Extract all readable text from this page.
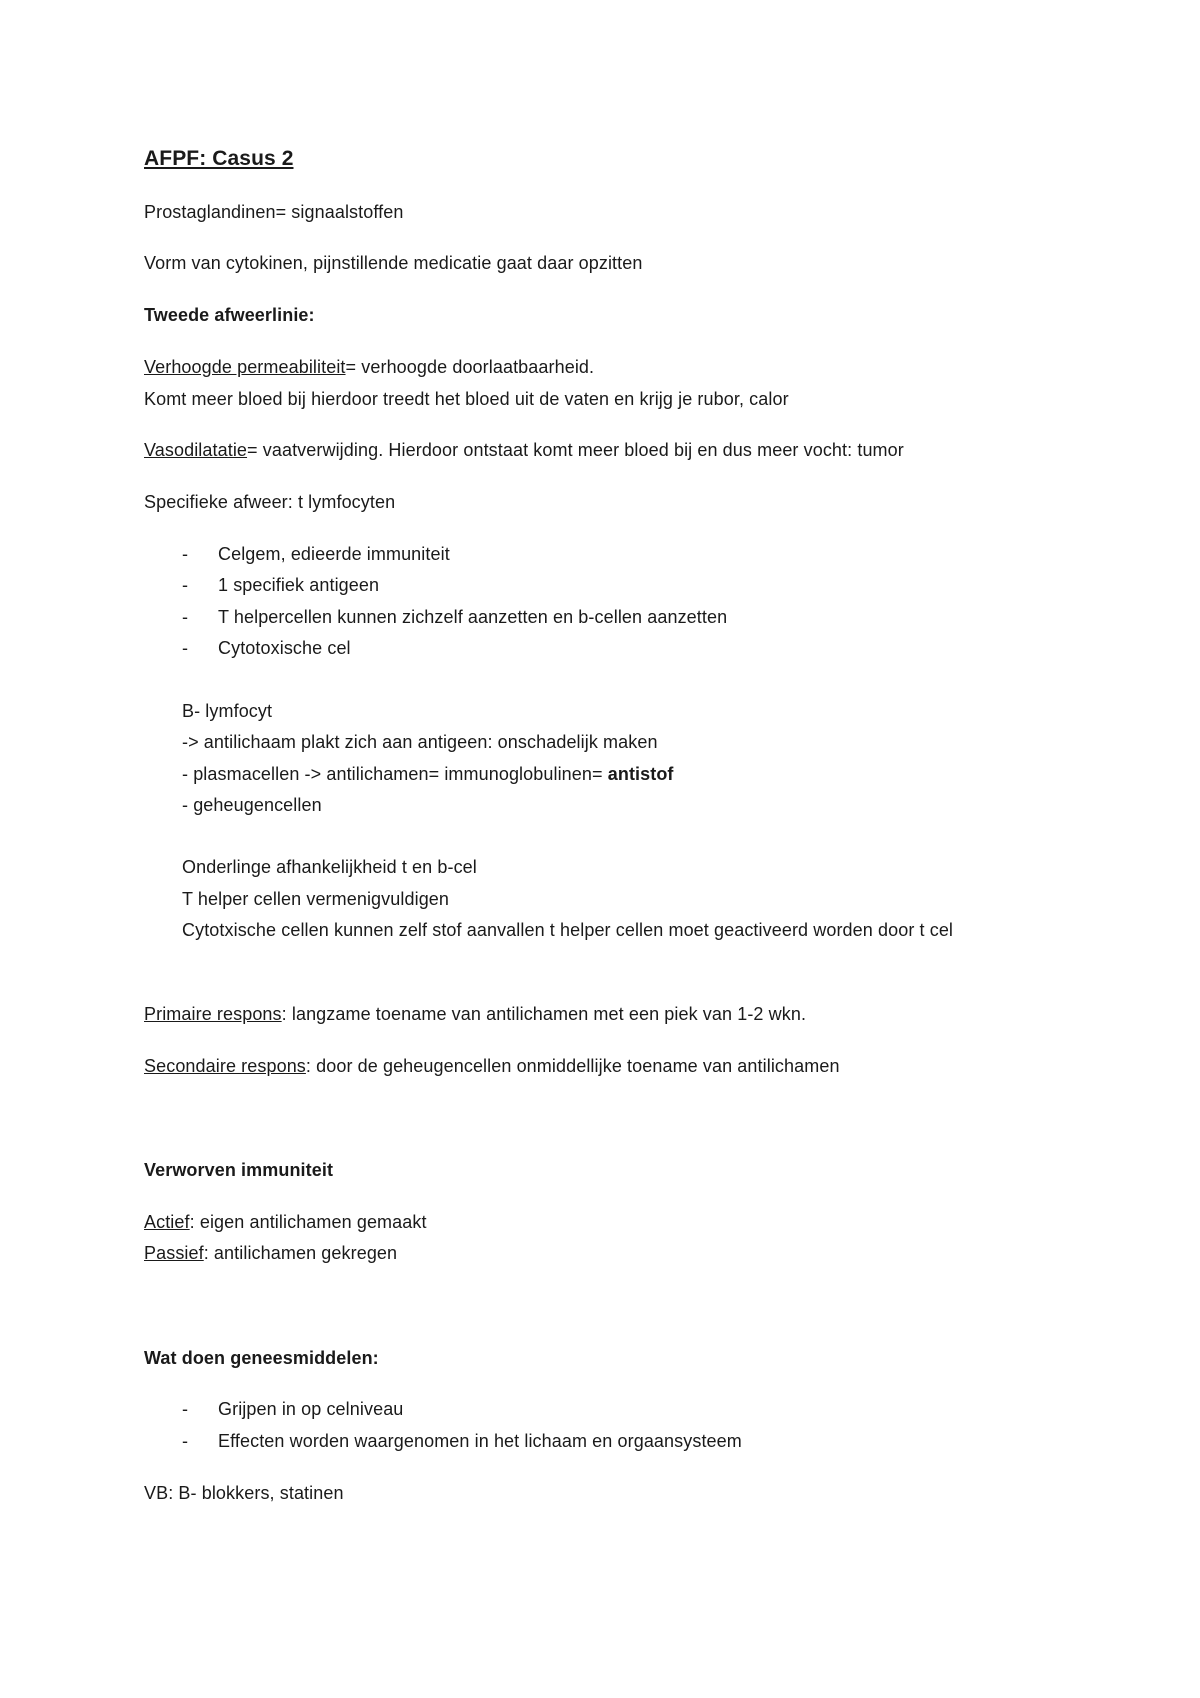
AFPF: Casus 2

Prostaglandinen= signaalstoffen

Vorm van cytokinen, pijnstillende medicatie gaat daar opzitten

Tweede afweerlinie:

Verhoogde permeabiliteit= verhoogde doorlaatbaarheid.

Komt meer bloed bij hierdoor treedt het bloed uit de vaten en krijg je rubor, calor

Vasodilatatie= vaatverwijding. Hierdoor ontstaat komt meer bloed bij en dus meer vocht: tumor

Specifieke afweer: t lymfocyten

- Celgem, edieerde immuniteit

- 1 specifiek antigeen

- T helpercellen kunnen zichzelf aanzetten en b-cellen aanzetten

- Cytotoxische cel

B- lymfocyt

-> antilichaam plakt zich aan antigeen: onschadelijk maken

- plasmacellen -> antilichamen= immunoglobulinen= antistof

- geheugencellen

Onderlinge afhankelijkheid t en b-cel

T helper cellen vermenigvuldigen

Cytotxische cellen kunnen zelf stof aanvallen t helper cellen moet geactiveerd worden door t cel

Primaire respons: langzame toename van antilichamen met een piek van 1-2 wkn.

Secondaire respons: door de geheugencellen onmiddellijke toename van antilichamen

Verworven immuniteit

Actief: eigen antilichamen gemaakt

Passief: antilichamen gekregen

Wat doen geneesmiddelen:

- Grijpen in op celniveau

- Effecten worden waargenomen in het lichaam en orgaansysteem

VB: B- blokkers, statinen
